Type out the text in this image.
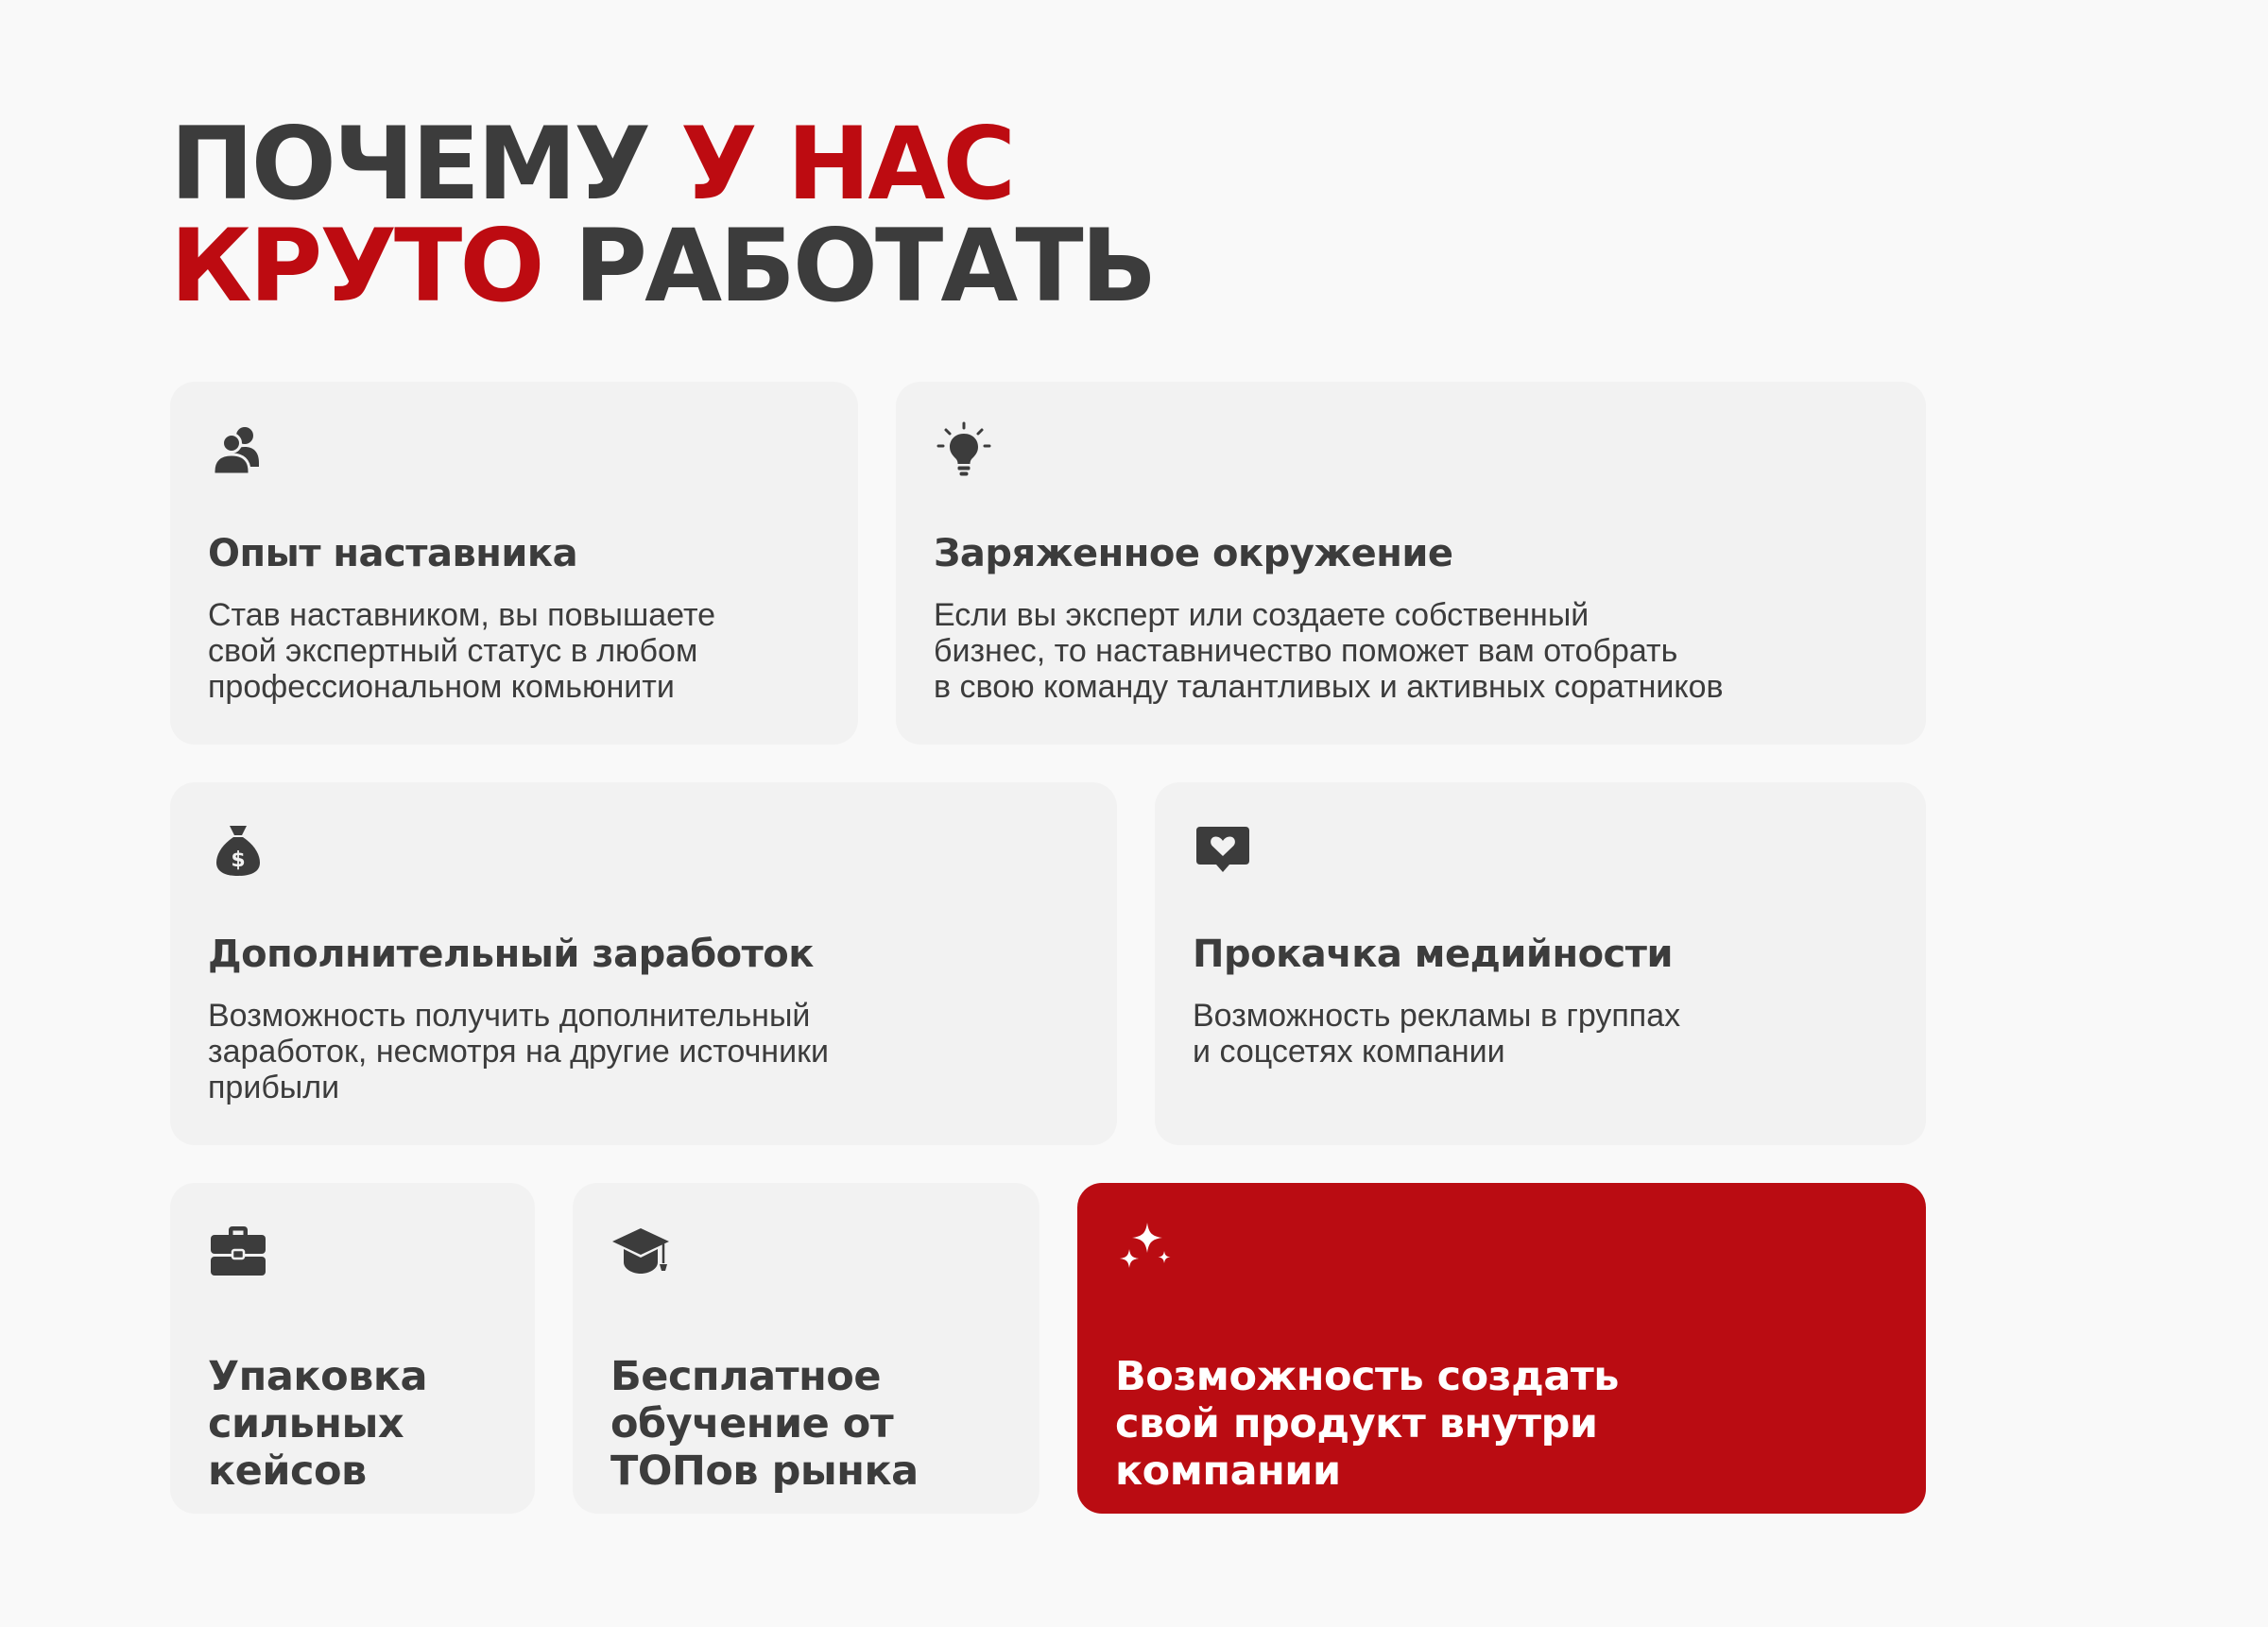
ПОЧЕМУ У НАС
КРУТО РАБОТАТЬ
Опыт наставника

Став наставником, вы повышаете
свой экспертный статус в любом
профессиональном комьюнити

Заряженное окружение

Если вы эксперт или создаете собственный
бизнес, то наставничество поможет вам отобрать
в свою команду талантливых и активных соратников

$
Дополнительный заработок

Возможность получить дополнительный
заработок, несмотря на другие источники
прибыли

Прокачка медийности

Возможность рекламы в группах
и соцсетях компании

Упаковка
сильных
кейсов
Бесплатное
обучение от
ТОПов рынка
Возможность создать
свой продукт внутри
компании
